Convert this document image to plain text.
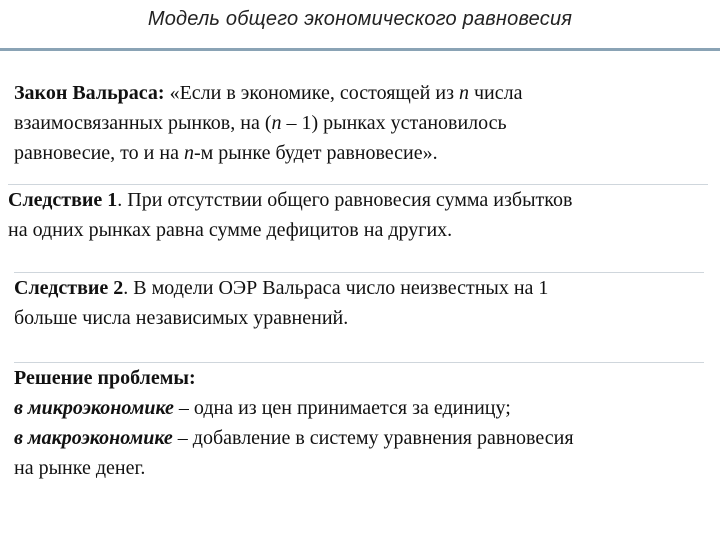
Модель общего экономического равновесия
Закон Вальраса: «Если в экономике, состоящей из n числа
взаимосвязанных рынков, на (n – 1) рынках установилось
равновесие, то и на n-м рынке будет равновесие».
Следствие 1. При отсутствии общего равновесия сумма избытков
на одних рынках равна сумме дефицитов на других.
Следствие 2. В модели ОЭР Вальраса число неизвестных на 1
больше числа независимых уравнений.
Решение проблемы:
в микроэкономике – одна из цен принимается за единицу;
в макроэкономике – добавление в систему уравнения равновесия
на рынке денег.
